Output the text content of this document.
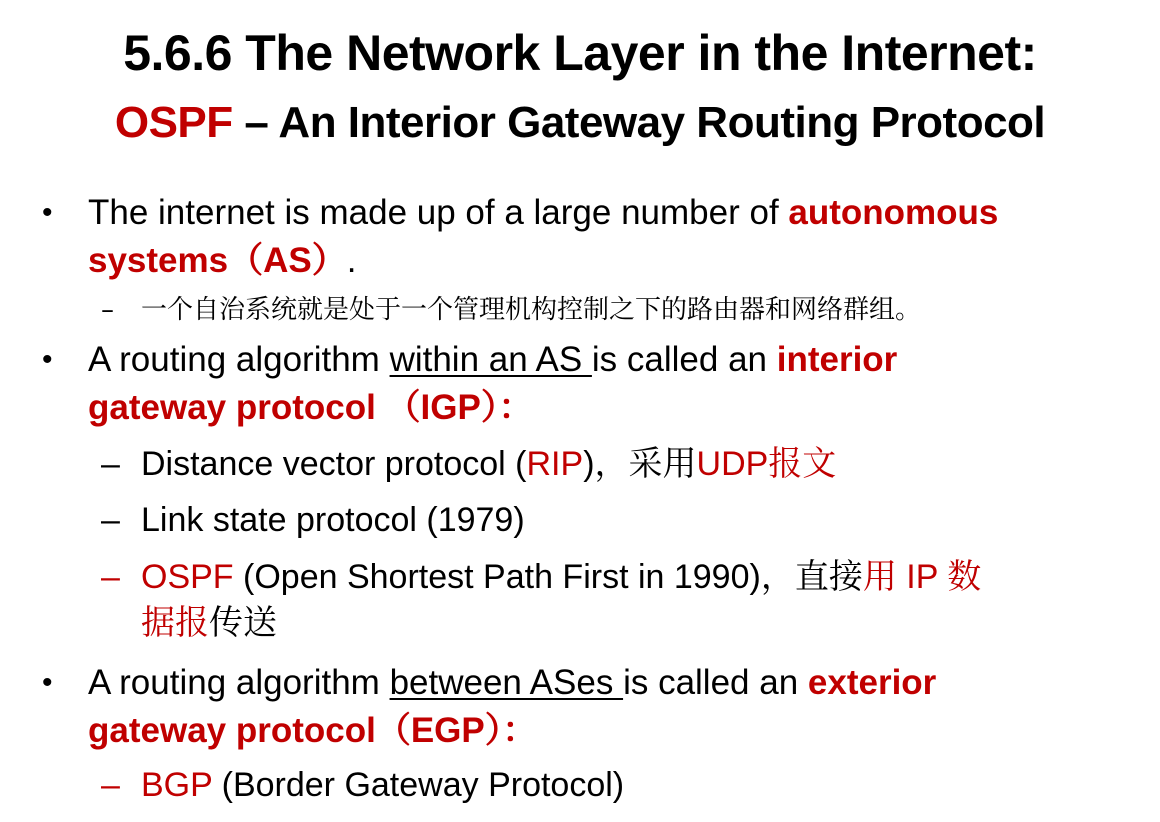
5.6.6 The Network Layer in the Internet:
OSPF – An Interior Gateway Routing Protocol
• The internet is made up of a large number of autonomous
systems（AS）.
– 一个自治系统就是处于一个管理机构控制之下的路由器和网络群组。
• A routing algorithm within an AS is called an interior
gateway protocol （IGP）：
– Distance vector protocol (RIP)，采用UDP报文
– Link state protocol (1979)
– OSPF (Open Shortest Path First in 1990)，直接用 IP 数
据报传送
• A routing algorithm between ASes is called an exterior
gateway protocol（EGP）：
– BGP (Border Gateway Protocol)
